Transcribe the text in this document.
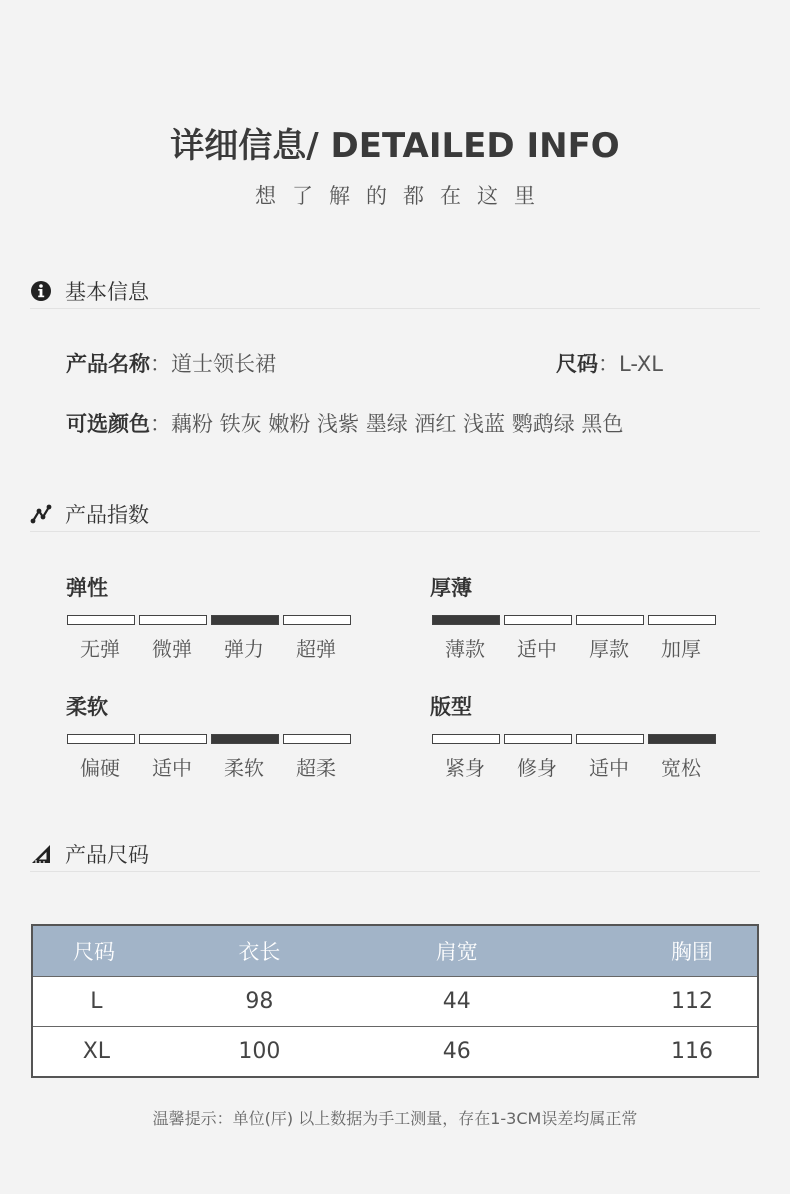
详细信息/ DETAILED INFO
想了解的都在这里
基本信息
产品名称：道士领长裙	尺码：L-XL
可选颜色：藕粉 铁灰 嫩粉 浅紫 墨绿 酒红 浅蓝 鹦鹉绿 黑色
产品指数
弹性
无弹	微弹	弹力	超弹
厚薄
薄款	适中	厚款	加厚
柔软
偏硬	适中	柔软	超柔
版型
紧身	修身	适中	宽松
产品尺码
尺码	衣长	肩宽	胸围
L	98	44	112
XL	100	46	116
温馨提示：单位(厈) 以上数据为手工测量，存在1-3CM误差均属正常
